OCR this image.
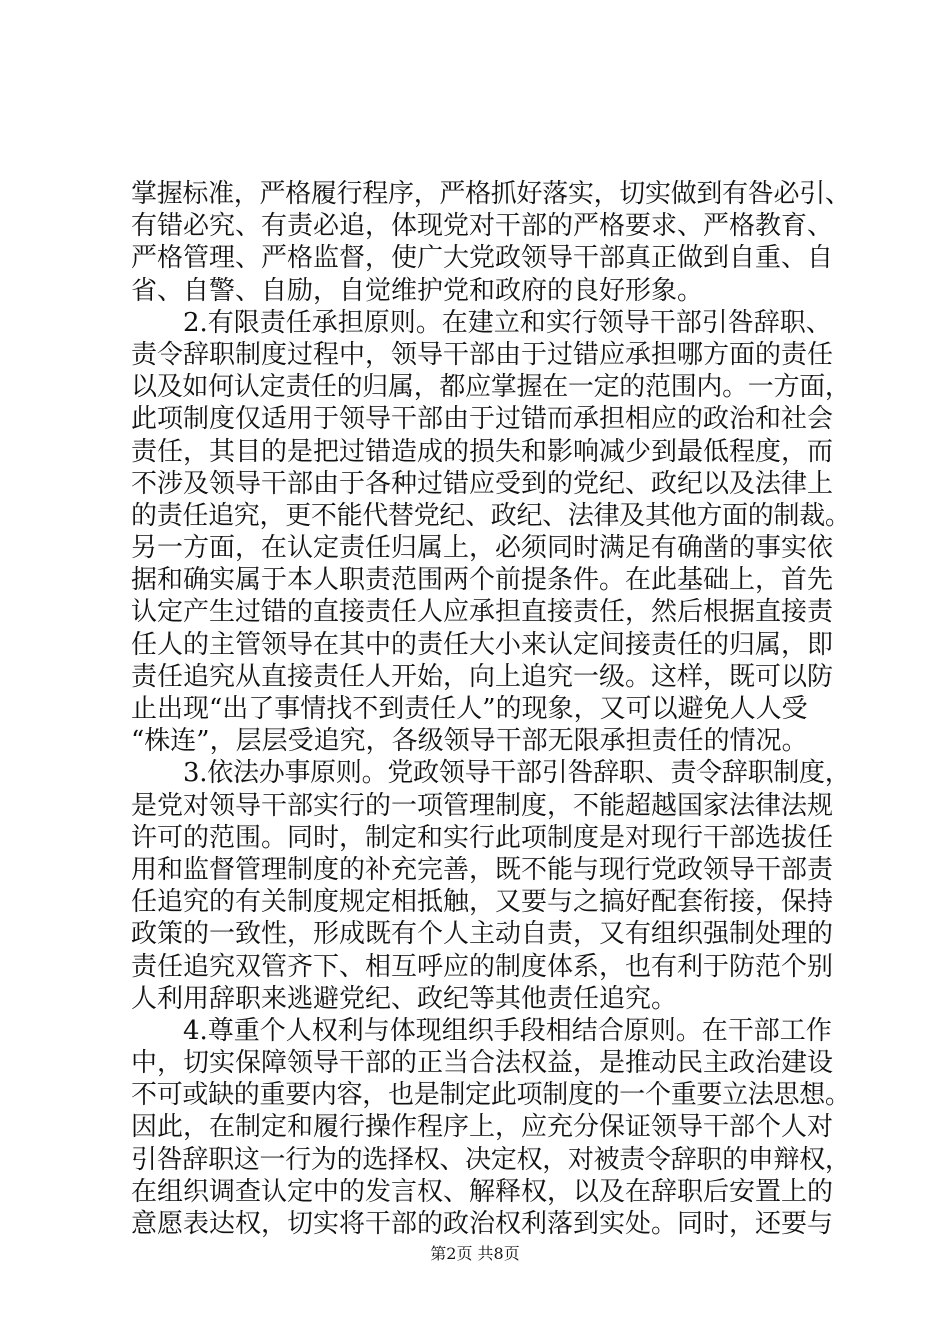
掌握标准，严格履行程序，严格抓好落实，切实做到有咎必引、
有错必究、有责必追，体现党对干部的严格要求、严格教育、
严格管理、严格监督，使广大党政领导干部真正做到自重、自
省、自警、自励，自觉维护党和政府的良好形象。
2.有限责任承担原则。在建立和实行领导干部引咎辞职、
责令辞职制度过程中，领导干部由于过错应承担哪方面的责任
以及如何认定责任的归属，都应掌握在一定的范围内。一方面，
此项制度仅适用于领导干部由于过错而承担相应的政治和社会
责任，其目的是把过错造成的损失和影响减少到最低程度，而
不涉及领导干部由于各种过错应受到的党纪、政纪以及法律上
的责任追究，更不能代替党纪、政纪、法律及其他方面的制裁。
另一方面，在认定责任归属上，必须同时满足有确凿的事实依
据和确实属于本人职责范围两个前提条件。在此基础上，首先
认定产生过错的直接责任人应承担直接责任，然后根据直接责
任人的主管领导在其中的责任大小来认定间接责任的归属，即
责任追究从直接责任人开始，向上追究一级。这样，既可以防
止出现“出了事情找不到责任人”的现象，又可以避免人人受
“株连”，层层受追究，各级领导干部无限承担责任的情况。
3.依法办事原则。党政领导干部引咎辞职、责令辞职制度，
是党对领导干部实行的一项管理制度，不能超越国家法律法规
许可的范围。同时，制定和实行此项制度是对现行干部选拔任
用和监督管理制度的补充完善，既不能与现行党政领导干部责
任追究的有关制度规定相抵触，又要与之搞好配套衔接，保持
政策的一致性，形成既有个人主动自责，又有组织强制处理的
责任追究双管齐下、相互呼应的制度体系，也有利于防范个别
人利用辞职来逃避党纪、政纪等其他责任追究。
4.尊重个人权利与体现组织手段相结合原则。在干部工作
中，切实保障领导干部的正当合法权益，是推动民主政治建设
不可或缺的重要内容，也是制定此项制度的一个重要立法思想。
因此，在制定和履行操作程序上，应充分保证领导干部个人对
引咎辞职这一行为的选择权、决定权，对被责令辞职的申辩权，
在组织调查认定中的发言权、解释权，以及在辞职后安置上的
意愿表达权，切实将干部的政治权利落到实处。同时，还要与
第2页 共8页
